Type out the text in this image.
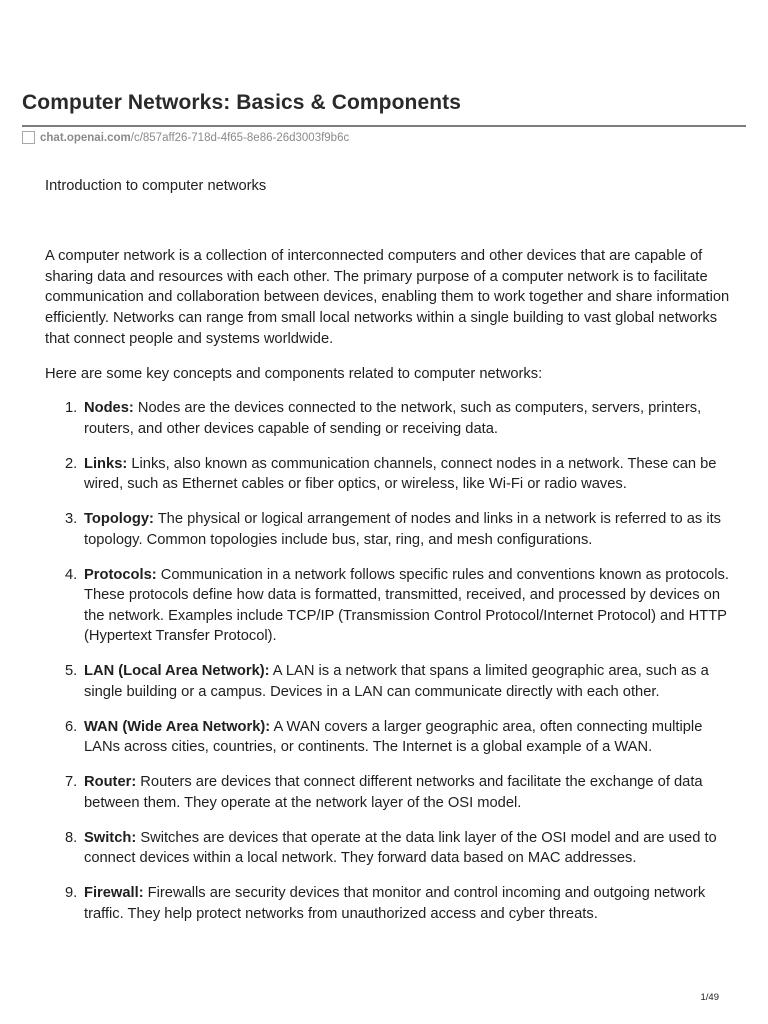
Computer Networks: Basics & Components
chat.openai.com /c/857aff26-718d-4f65-8e86-26d3003f9b6c

Introduction to computer networks

A computer network is a collection of interconnected computers and other devices that are capable of sharing data and resources with each other. The primary purpose of a computer network is to facilitate communication and collaboration between devices, enabling them to work together and share information efficiently. Networks can range from small local networks within a single building to vast global networks that connect people and systems worldwide.

Here are some key concepts and components related to computer networks:

1. Nodes: Nodes are the devices connected to the network, such as computers, servers, printers, routers, and other devices capable of sending or receiving data.
2. Links: Links, also known as communication channels, connect nodes in a network. These can be wired, such as Ethernet cables or fiber optics, or wireless, like Wi-Fi or radio waves.
3. Topology: The physical or logical arrangement of nodes and links in a network is referred to as its topology. Common topologies include bus, star, ring, and mesh configurations.
4. Protocols: Communication in a network follows specific rules and conventions known as protocols. These protocols define how data is formatted, transmitted, received, and processed by devices on the network. Examples include TCP/IP (Transmission Control Protocol/Internet Protocol) and HTTP (Hypertext Transfer Protocol).
5. LAN (Local Area Network): A LAN is a network that spans a limited geographic area, such as a single building or a campus. Devices in a LAN can communicate directly with each other.
6. WAN (Wide Area Network): A WAN covers a larger geographic area, often connecting multiple LANs across cities, countries, or continents. The Internet is a global example of a WAN.
7. Router: Routers are devices that connect different networks and facilitate the exchange of data between them. They operate at the network layer of the OSI model.
8. Switch: Switches are devices that operate at the data link layer of the OSI model and are used to connect devices within a local network. They forward data based on MAC addresses.
9. Firewall: Firewalls are security devices that monitor and control incoming and outgoing network traffic. They help protect networks from unauthorized access and cyber threats.
1/49
